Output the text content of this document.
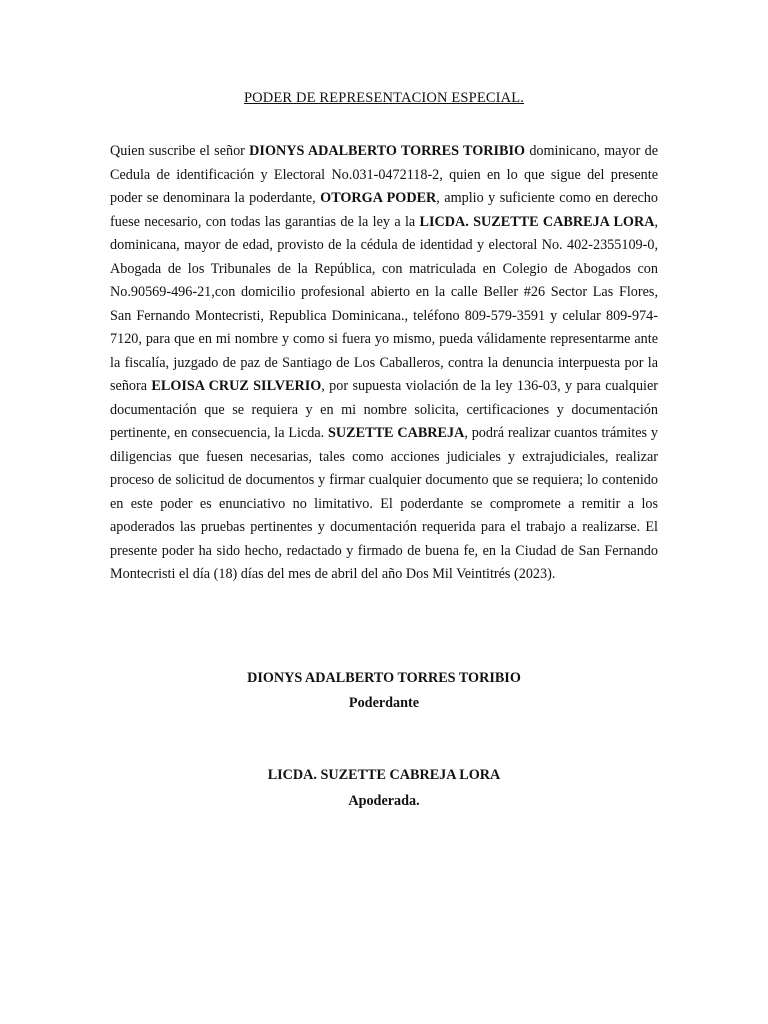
PODER DE REPRESENTACION ESPECIAL.
Quien suscribe el señor DIONYS ADALBERTO TORRES TORIBIO dominicano, mayor de Cedula de identificación y Electoral No.031-0472118-2, quien en lo que sigue del presente poder se denominara la poderdante, OTORGA PODER, amplio y suficiente como en derecho fuese necesario, con todas las garantias de la ley a la LICDA. SUZETTE CABREJA LORA, dominicana, mayor de edad, provisto de la cédula de identidad y electoral No. 402-2355109-0, Abogada de los Tribunales de la República, con matriculada en Colegio de Abogados con No.90569-496-21,con domicilio profesional abierto en la calle Beller #26 Sector Las Flores, San Fernando Montecristi, Republica Dominicana., teléfono 809-579-3591 y celular 809-974-7120, para que en mi nombre y como si fuera yo mismo, pueda válidamente representarme ante la fiscalía, juzgado de paz de Santiago de Los Caballeros, contra la denuncia interpuesta por la señora ELOISA CRUZ SILVERIO, por supuesta violación de la ley 136-03, y para cualquier documentación que se requiera y en mi nombre solicita, certificaciones y documentación pertinente, en consecuencia, la Licda. SUZETTE CABREJA, podrá realizar cuantos trámites y diligencias que fuesen necesarias, tales como acciones judiciales y extrajudiciales, realizar proceso de solicitud de documentos y firmar cualquier documento que se requiera; lo contenido en este poder es enunciativo no limitativo. El poderdante se compromete a remitir a los apoderados las pruebas pertinentes y documentación requerida para el trabajo a realizarse. El presente poder ha sido hecho, redactado y firmado de buena fe, en la Ciudad de San Fernando Montecristi el día (18) días del mes de abril del año Dos Mil Veintitrés (2023).
DIONYS ADALBERTO TORRES TORIBIO
Poderdante
LICDA. SUZETTE CABREJA LORA
Apoderada.
